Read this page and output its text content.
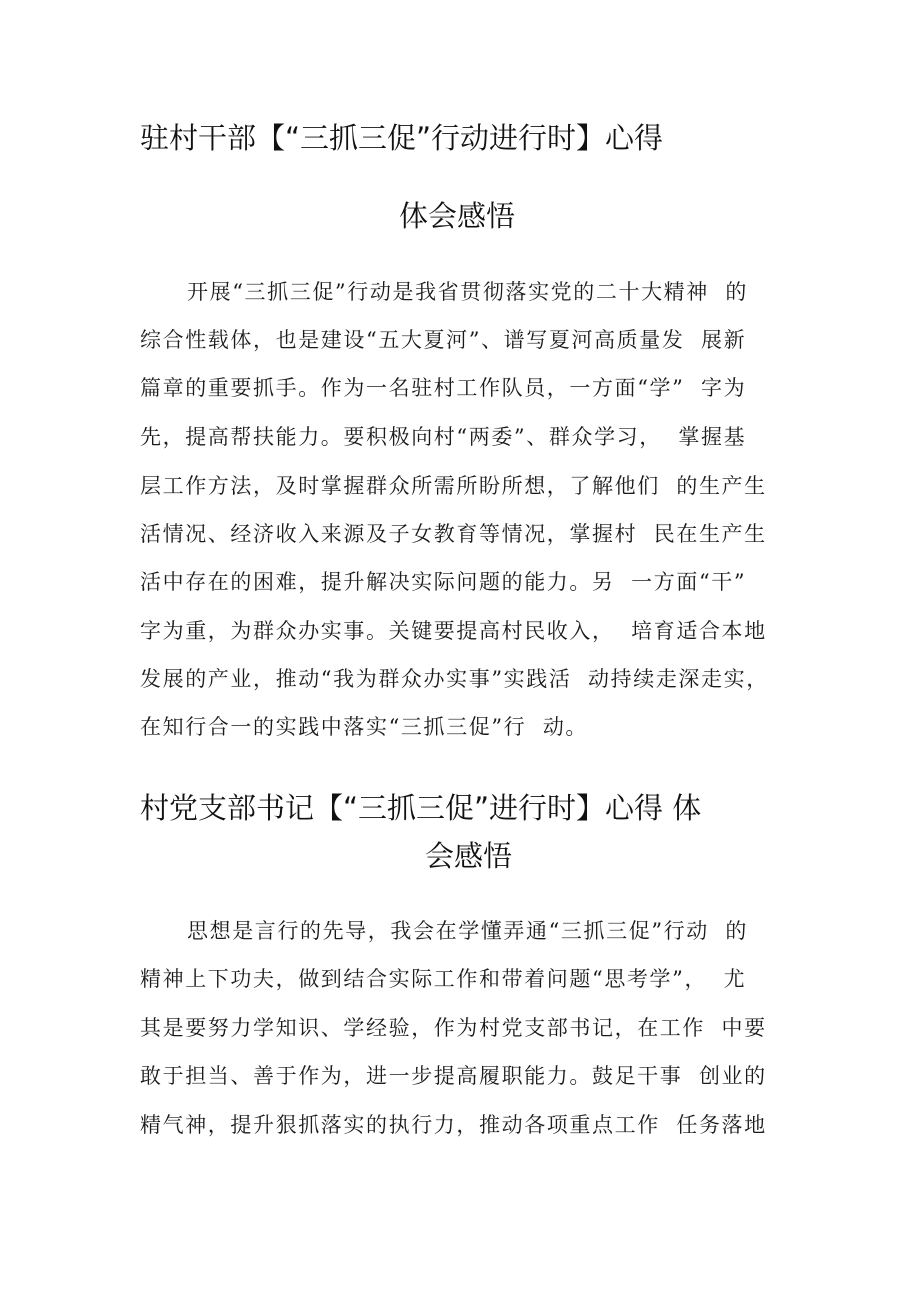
驻村干部【“三抓三促”行动进行时】心得
体会感悟
开展“三抓三促”行动是我省贯彻落实党的二十大精神  的
综合性载体，也是建设“五大夏河”、谱写夏河高质量发  展新
篇章的重要抓手。作为一名驻村工作队员，一方面“学”  字为
先，提高帮扶能力。要积极向村“两委”、群众学习，  掌握基
层工作方法，及时掌握群众所需所盼所想，了解他们  的生产生
活情况、经济收入来源及子女教育等情况，掌握村  民在生产生
活中存在的困难，提升解决实际问题的能力。另  一方面“干”
字为重，为群众办实事。关键要提高村民收入，  培育适合本地
发展的产业，推动“我为群众办实事”实践活  动持续走深走实，
在知行合一的实践中落实“三抓三促”行  动。
村党支部书记【“三抓三促”进行时】心得 体
会感悟
思想是言行的先导，我会在学懂弄通“三抓三促”行动  的
精神上下功夫，做到结合实际工作和带着问题“思考学”，  尤
其是要努力学知识、学经验，作为村党支部书记，在工作  中要
敢于担当、善于作为，进一步提高履职能力。鼓足干事  创业的
精气神，提升狠抓落实的执行力，推动各项重点工作  任务落地
